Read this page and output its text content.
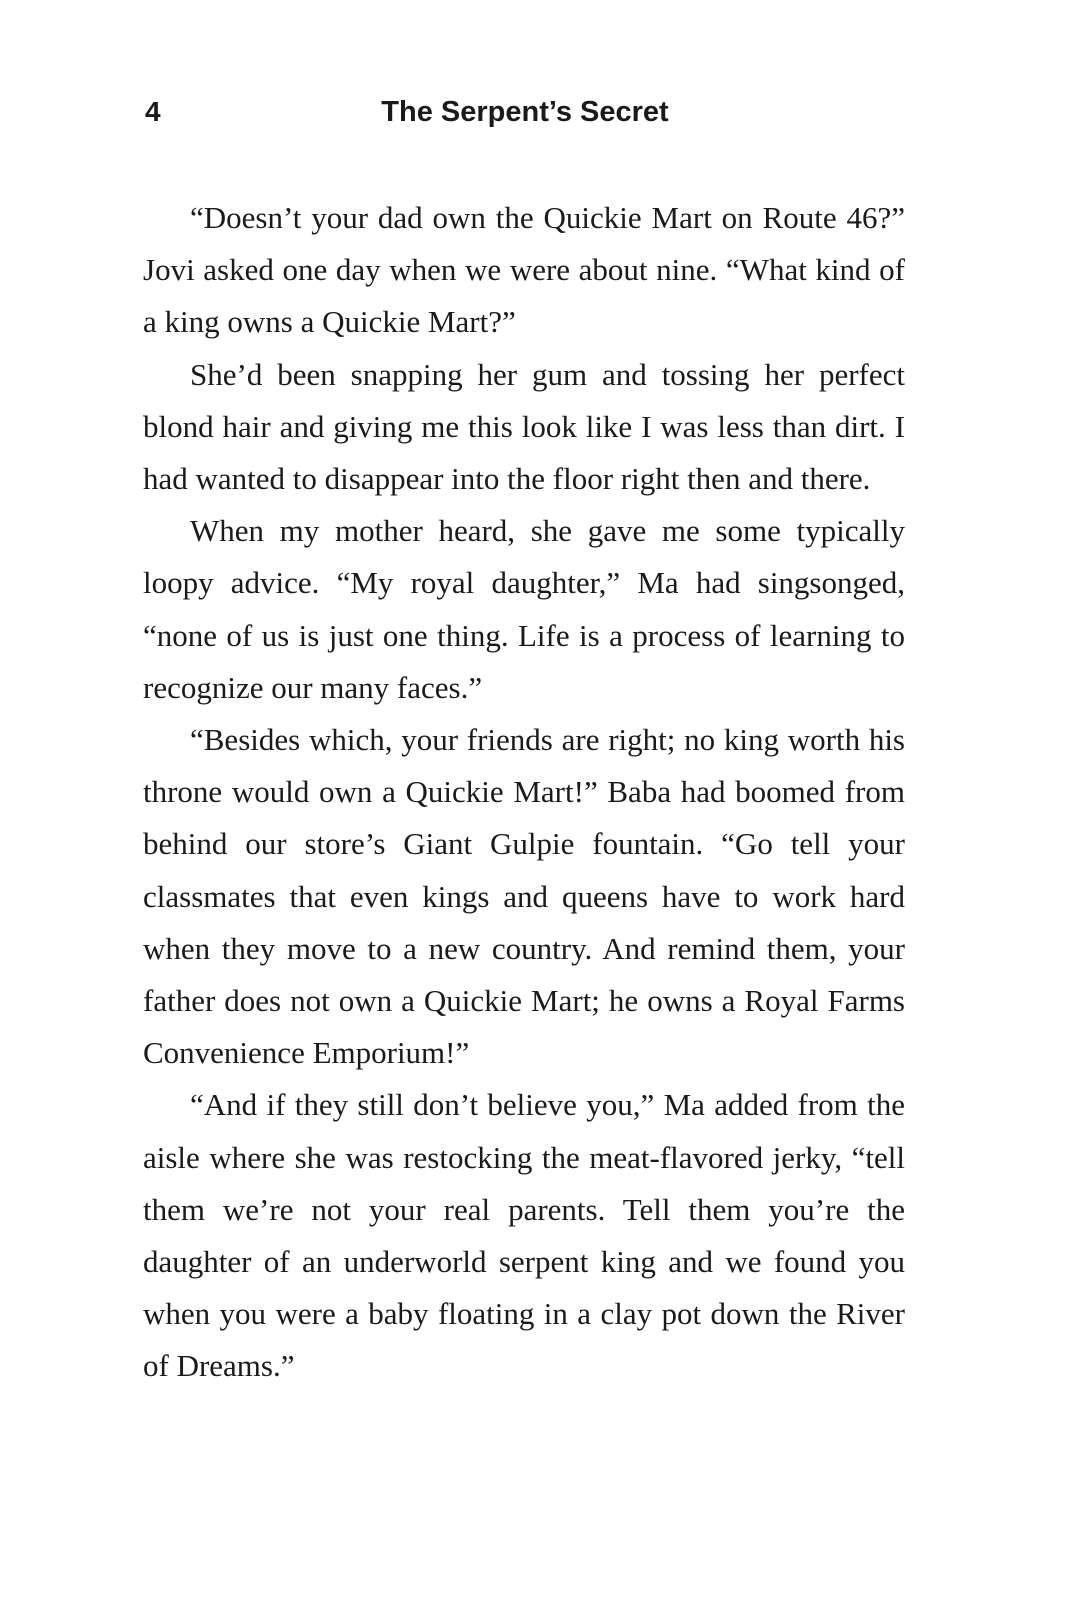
4	The Serpent’s Secret

“Doesn’t your dad own the Quickie Mart on Route 46?” Jovi asked one day when we were about nine. “What kind of a king owns a Quickie Mart?”

She’d been snapping her gum and tossing her perfect blond hair and giving me this look like I was less than dirt. I had wanted to disappear into the floor right then and there.

When my mother heard, she gave me some typically loopy advice. “My royal daughter,” Ma had singsonged, “none of us is just one thing. Life is a process of learning to recognize our many faces.”

“Besides which, your friends are right; no king worth his throne would own a Quickie Mart!” Baba had boomed from behind our store’s Giant Gulpie fountain. “Go tell your classmates that even kings and queens have to work hard when they move to a new country. And remind them, your father does not own a Quickie Mart; he owns a Royal Farms Convenience Emporium!”

“And if they still don’t believe you,” Ma added from the aisle where she was restocking the meat-flavored jerky, “tell them we’re not your real parents. Tell them you’re the daughter of an underworld serpent king and we found you when you were a baby floating in a clay pot down the River of Dreams.”
